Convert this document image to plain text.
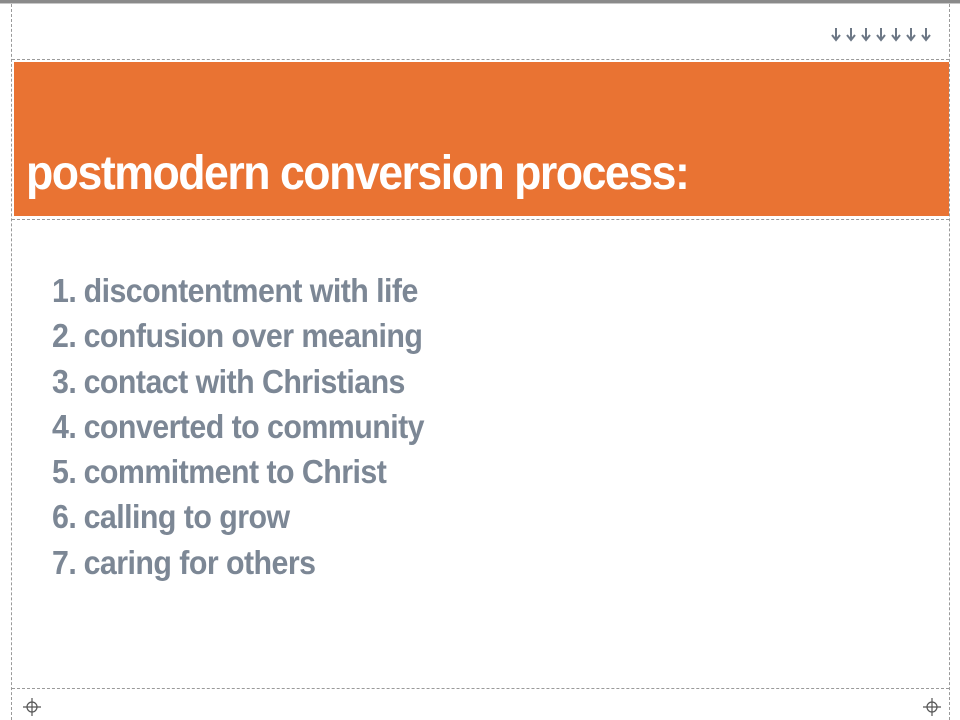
postmodern conversion process:
1. discontentment with life
2. confusion over meaning
3. contact with Christians
4. converted to community
5. commitment to Christ
6. calling to grow
7. caring for others
